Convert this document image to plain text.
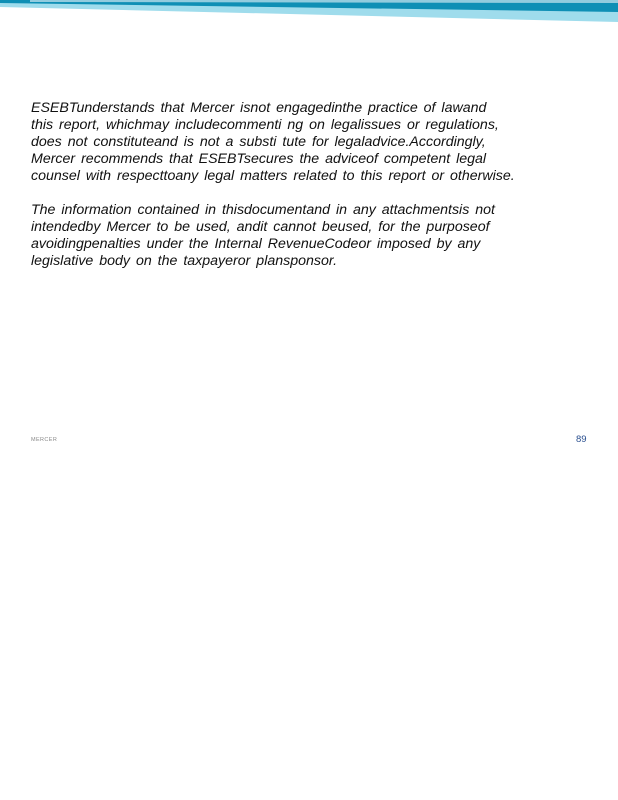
ESEBTunderstands that Mercer isnot engagedinthe practice of lawand
this report, whichmay includecommenti ng on legalissues or regulations,
does not constituteand is not a substi tute for legaladvice.Accordingly,
Mercer recommends that ESEBTsecures the adviceof competent legal
counsel with respecttoany legal matters related to this report or otherwise.

The information contained in thisdocumentand in any attachmentsis not
intendedby Mercer to be used, andit cannot beused, for the purposeof
avoidingpenalties under the Internal RevenueCodeor imposed by any
legislative body on the taxpayeror plansponsor.

MERCER	89
